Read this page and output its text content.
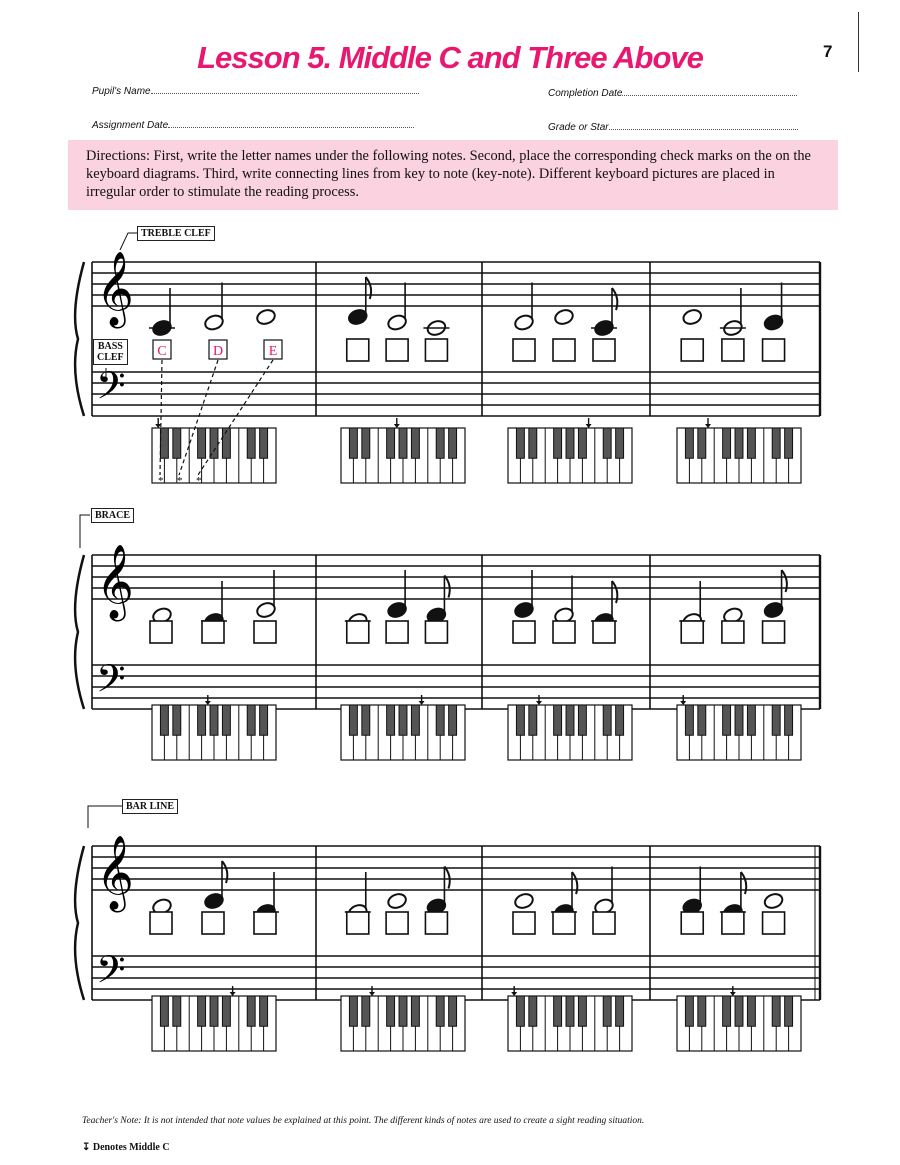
Lesson 5. Middle C and Three Above	7
Pupil's Name	Completion Date
Assignment Date	Grade or Star
Directions: First, write the letter names under the following notes. Second, place the corresponding check marks on the on the keyboard diagrams. Third, write connecting lines from key to note (key-note). Different keyboard pictures are placed in irregular order to stimulate the reading process.
TREBLE CLEF
BASS
CLEF
BRACE
BAR LINE
𝄞
𝄢
𝄞
𝄢
𝄞
𝄢
C
*
D
*
E
*
Teacher's Note: It is not intended that note values be explained at this point. The different kinds of notes are used to create a sight reading situation.
↧ Denotes Middle C
